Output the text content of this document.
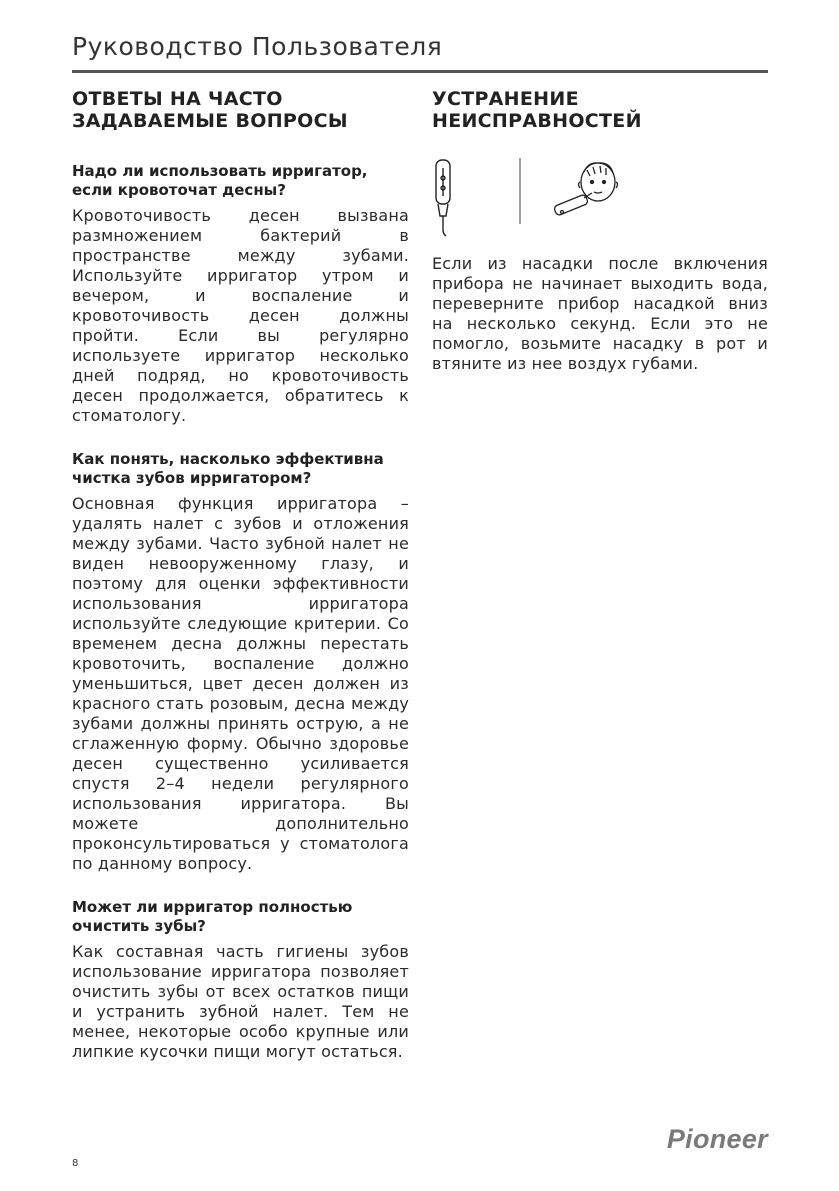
Руководство Пользователя
ОТВЕТЫ НА ЧАСТО
ЗАДАВАЕМЫЕ ВОПРОСЫ
Надо ли использовать ирригатор, если кровоточат десны?
Кровоточивость десен вызвана размножением бактерий в пространстве между зубами. Используйте ирригатор утром и вечером, и воспаление и кровоточивость десен должны пройти. Если вы регулярно используете ирригатор несколько дней подряд, но кровоточивость десен продолжается, обратитесь к стоматологу.
Как понять, насколько эффективна чистка зубов ирригатором?
Основная функция ирригатора – удалять налет с зубов и отложения между зубами. Часто зубной налет не виден невооруженному глазу, и поэтому для оценки эффективности использования ирригатора используйте следующие критерии. Со временем десна должны перестать кровоточить, воспаление должно уменьшиться, цвет десен должен из красного стать розовым, десна между зубами должны принять острую, а не сглаженную форму. Обычно здоровье десен существенно усиливается спустя 2–4 недели регулярного использования ирригатора. Вы можете дополнительно проконсультироваться у стоматолога по данному вопросу.
Может ли ирригатор полностью очистить зубы?
Как составная часть гигиены зубов использование ирригатора позволяет очистить зубы от всех остатков пищи и устранить зубной налет. Тем не менее, некоторые особо крупные или липкие кусочки пищи могут остаться.
УСТРАНЕНИЕ
НЕИСПРАВНОСТЕЙ
Если из насадки после включения прибора не начинает выходить вода, переверните прибор насадкой вниз на несколько секунд. Если это не помогло, возьмите насадку в рот и втяните из нее воздух губами.
8
Pioneer
